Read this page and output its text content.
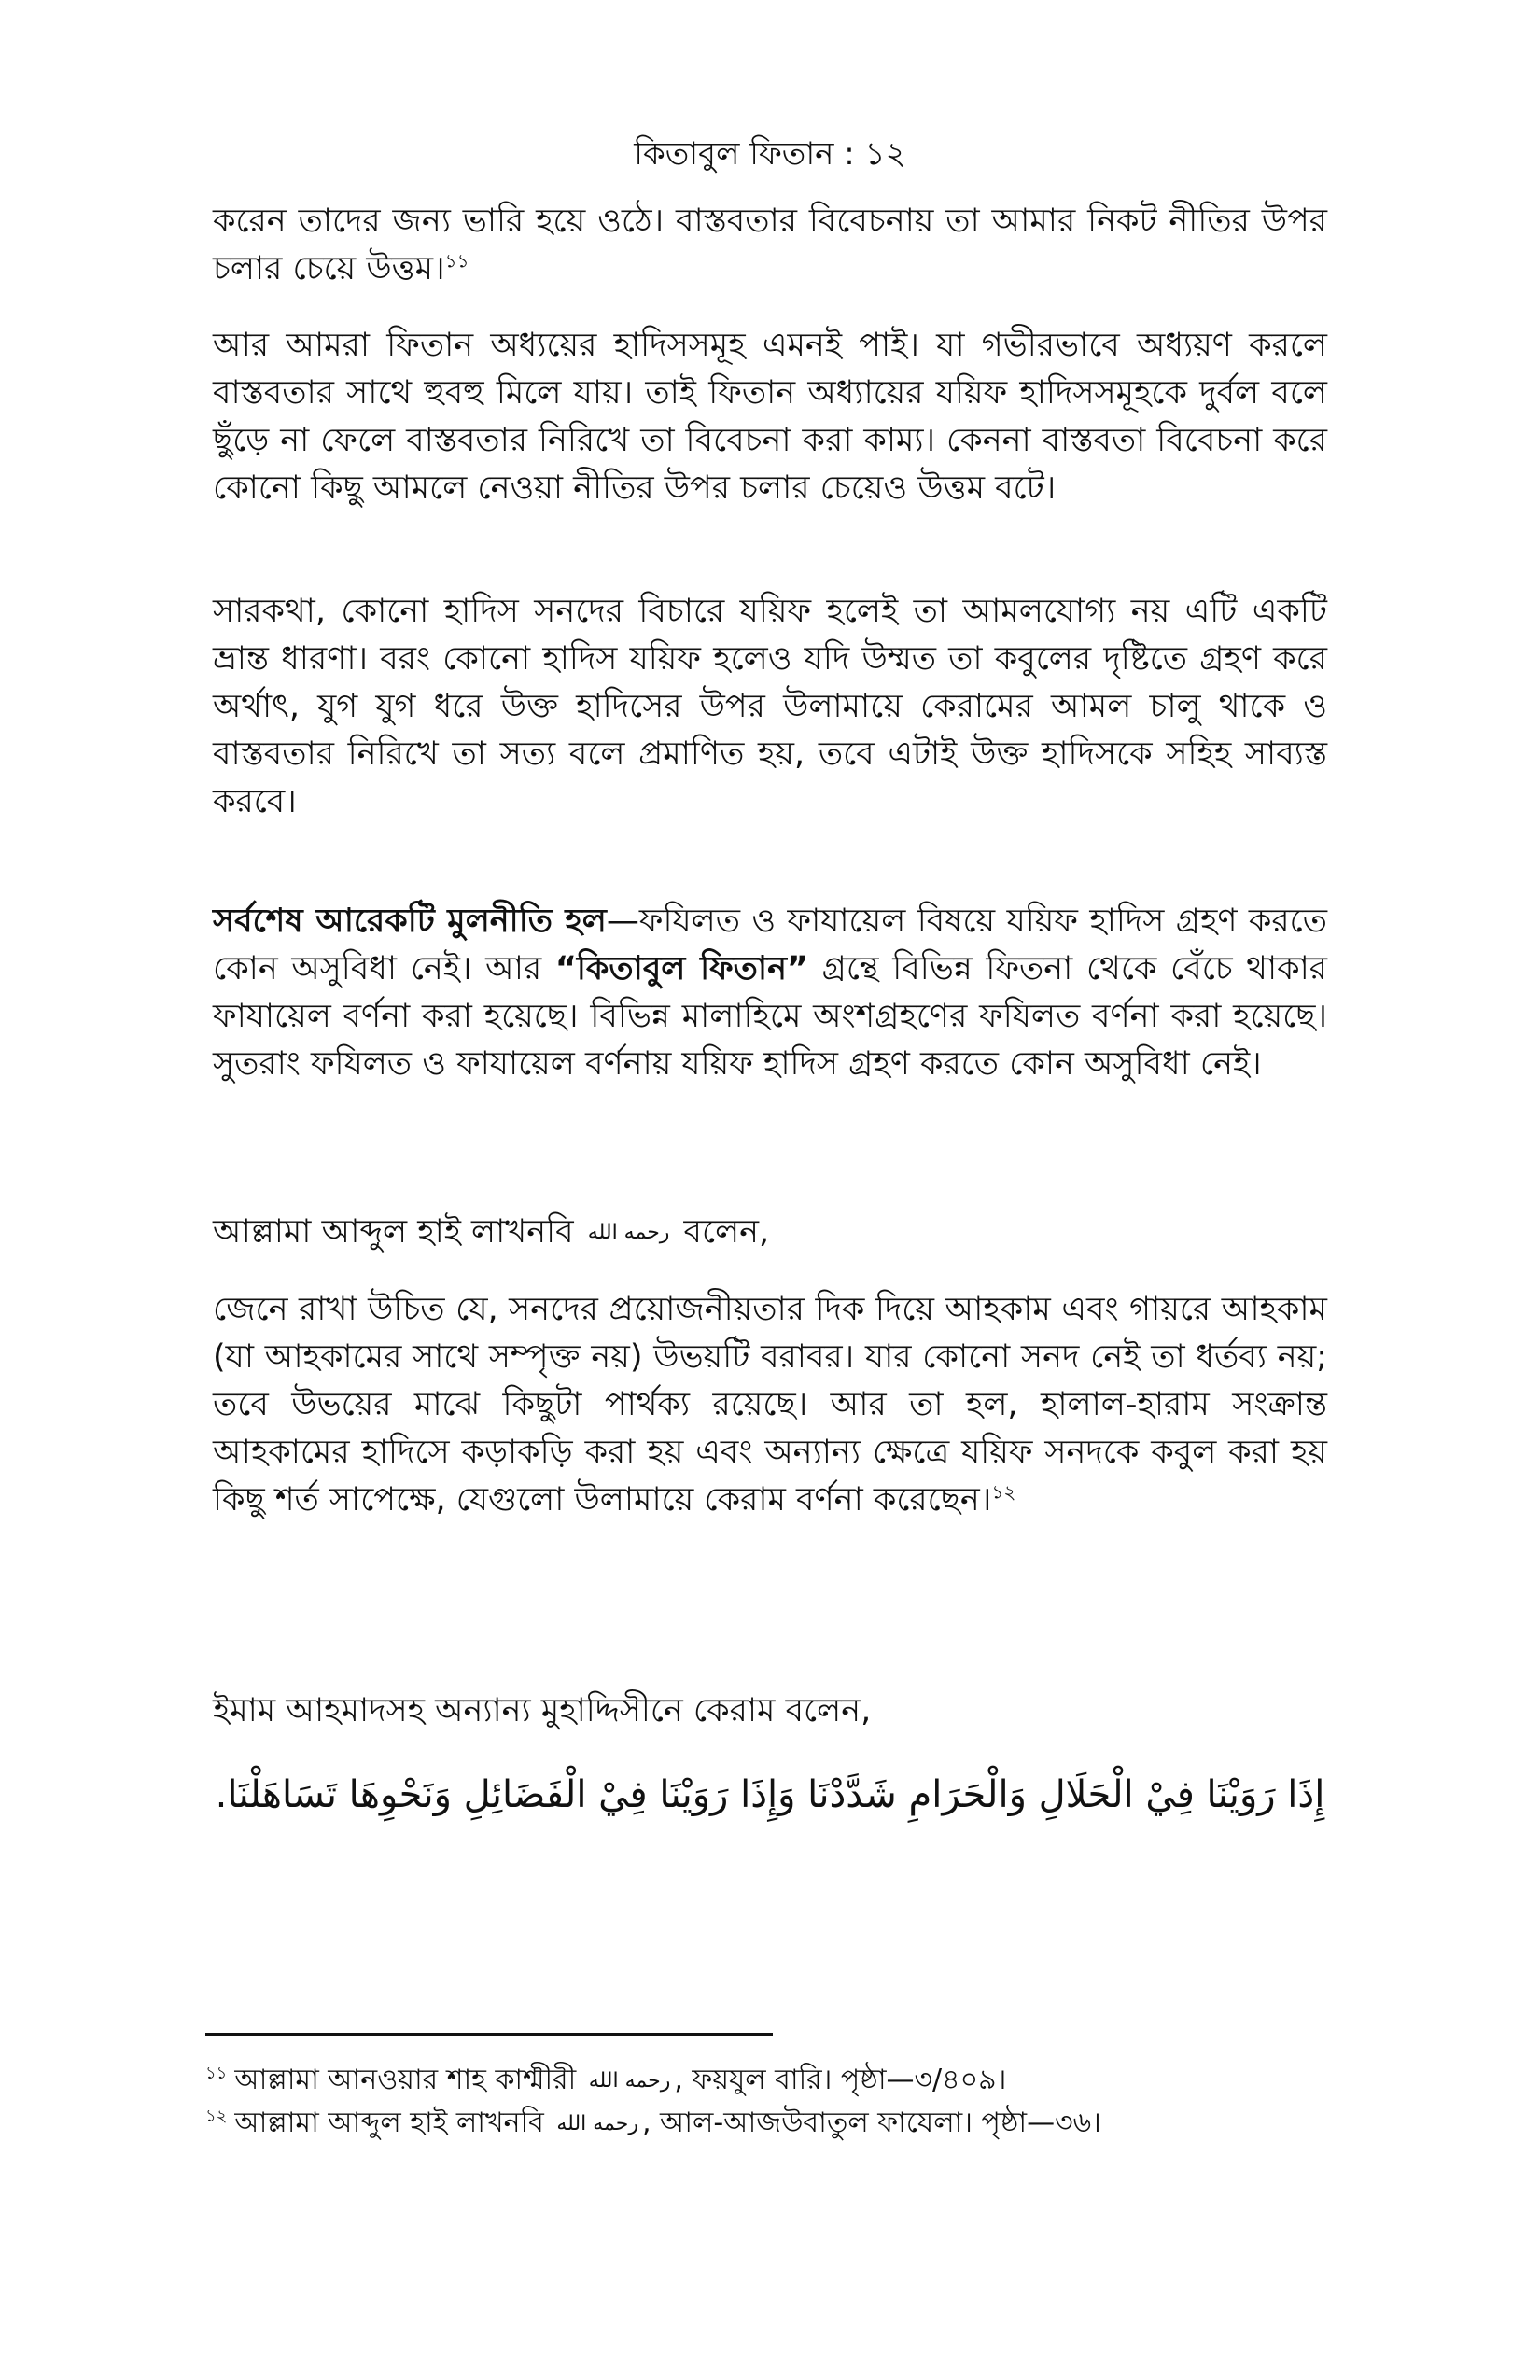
কিতাবুল ফিতান : ১২

করেন তাদের জন্য ভারি হয়ে ওঠে। বাস্তবতার বিবেচনায় তা আমার নিকট নীতির উপর চলার চেয়ে উত্তম।$^{১১}$

আর আমরা ফিতান অধ্যয়ের হাদিসসমূহ এমনই পাই। যা গভীরভাবে অধ্যয়ণ করলে বাস্তবতার সাথে হুবহু মিলে যায়। তাই ফিতান অধ্যায়ের যয়িফ হাদিসসমূহকে দুর্বল বলে ছুঁড়ে না ফেলে বাস্তবতার নিরিখে তা বিবেচনা করা কাম্য। কেননা বাস্তবতা বিবেচনা করে কোনো কিছু আমলে নেওয়া নীতির উপর চলার চেয়েও উত্তম বটে।

সারকথা, কোনো হাদিস সনদের বিচারে যয়িফ হলেই তা আমলযোগ্য নয় এটি একটি ভ্রান্ত ধারণা। বরং কোনো হাদিস যয়িফ হলেও যদি উম্মত তা কবুলের দৃষ্টিতে গ্রহণ করে অর্থাৎ, যুগ যুগ ধরে উক্ত হাদিসের উপর উলামায়ে কেরামের আমল চালু থাকে ও বাস্তবতার নিরিখে তা সত্য বলে প্রমাণিত হয়, তবে এটাই উক্ত হাদিসকে সহিহ সাব্যস্ত করবে।

সর্বশেষ আরেকটি মুলনীতি হল—ফযিলত ও ফাযায়েল বিষয়ে যয়িফ হাদিস গ্রহণ করতে কোন অসুবিধা নেই। আর “কিতাবুল ফিতান” গ্রন্থে বিভিন্ন ফিতনা থেকে বেঁচে থাকার ফাযায়েল বর্ণনা করা হয়েছে। বিভিন্ন মালাহিমে অংশগ্রহণের ফযিলত বর্ণনা করা হয়েছে। সুতরাং ফযিলত ও ফাযায়েল বর্ণনায় যয়িফ হাদিস গ্রহণ করতে কোন অসুবিধা নেই।

আল্লামা আব্দুল হাই লাখনবি ﺭﺣﻤﻪ ﺍﻟﻠﻪ বলেন,

জেনে রাখা উচিত যে, সনদের প্রয়োজনীয়তার দিক দিয়ে আহকাম এবং গায়রে আহকাম (যা আহকামের সাথে সম্পৃক্ত নয়) উভয়টি বরাবর। যার কোনো সনদ নেই তা ধর্তব্য নয়; তবে উভয়ের মাঝে কিছুটা পার্থক্য রয়েছে। আর তা হল, হালাল-হারাম সংক্রান্ত আহকামের হাদিসে কড়াকড়ি করা হয় এবং অন্যান্য ক্ষেত্রে যয়িফ সনদকে কবুল করা হয় কিছু শর্ত সাপেক্ষে, যেগুলো উলামায়ে কেরাম বর্ণনা করেছেন।$^{১২}$

ইমাম আহমাদসহ অন্যান্য মুহাদ্দিসীনে কেরাম বলেন,

إِذَا رَوَيْنَا فِيْ الْحَلَالِ وَالْحَرَامِ شَدَّدْنَا وَإِذَا رَوَيْنَا فِيْ الْفَضَائِلِ وَنَحْوِهَا تَسَاهَلْنَا.

$^{১১}$ আল্লামা আনওয়ার শাহ কাশ্মীরী ﺭﺣﻤﻪ ﺍﻟﻠﻪ , ফয়যুল বারি। পৃষ্ঠা—৩/৪০৯।

$^{১২}$ আল্লামা আব্দুল হাই লাখনবি ﺭﺣﻤﻪ ﺍﻟﻠﻪ , আল-আজউবাতুল ফাযেলা। পৃষ্ঠা—৩৬।
